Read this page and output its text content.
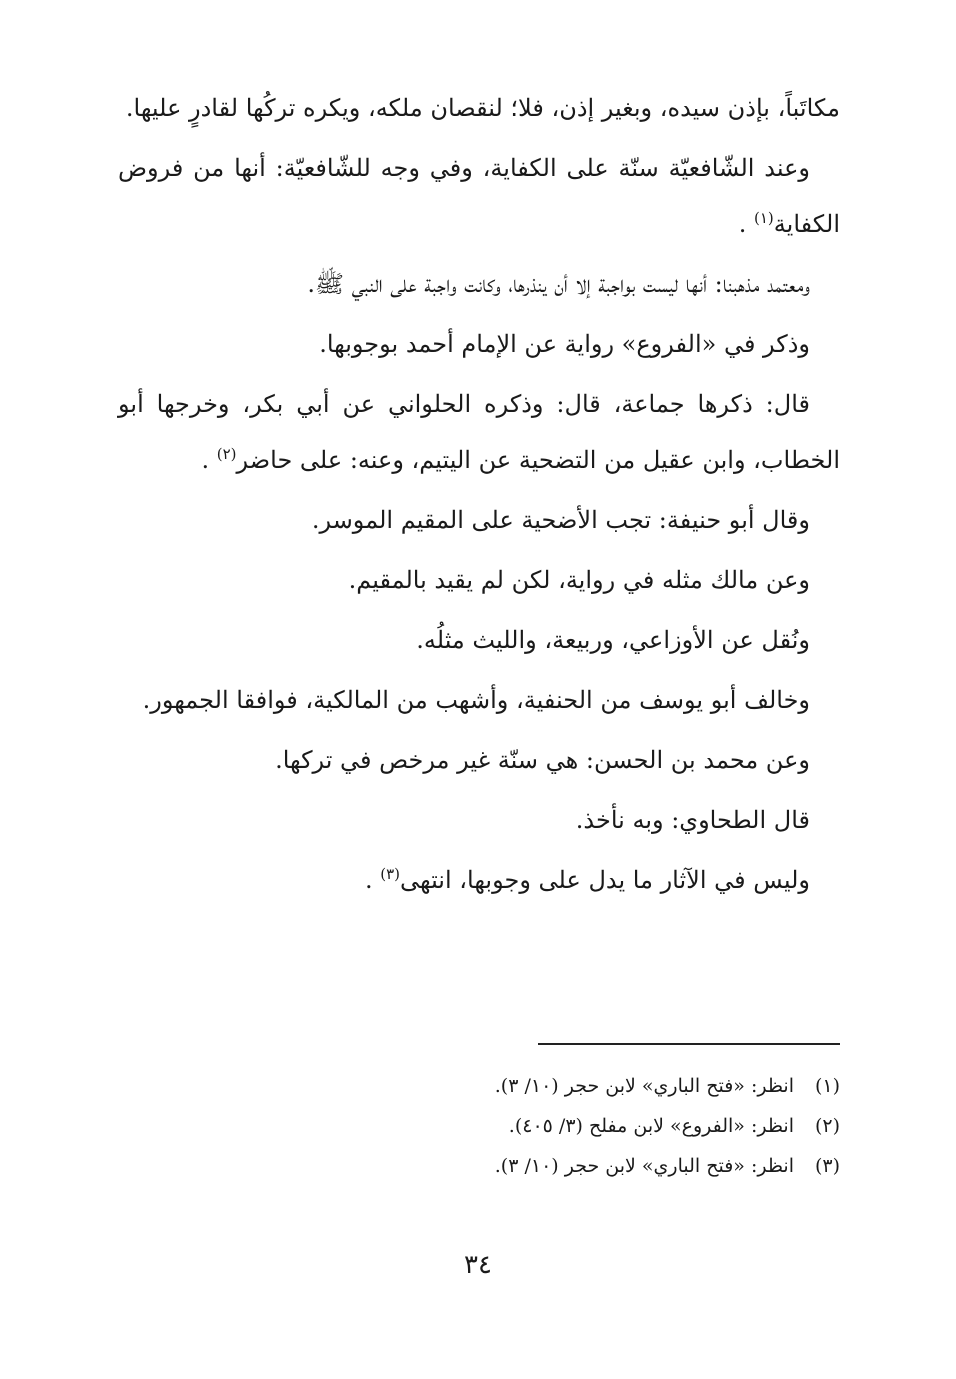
مكاتَباً، بإذن سيده، وبغير إذن، فلا؛ لنقصان ملكه، ويكره تركُها لقادرٍ عليها.

وعند الشّافعيّة سنّة على الكفاية، وفي وجه للشّافعيّة: أنها من فروض الكفاية$^{(١)}$ .

ومعتمد مذهبنا: أنها ليست بواجبة إلا أن ينذرها، وكانت واجبة على النبي ﷺ.

وذكر في «الفروع» رواية عن الإمام أحمد بوجوبها.

قال: ذكرها جماعة، قال: وذكره الحلواني عن أبي بكر، وخرجها أبو الخطاب، وابن عقيل من التضحية عن اليتيم، وعنه: على حاضر$^{(٢)}$ .

وقال أبو حنيفة: تجب الأضحية على المقيم الموسر.

وعن مالك مثله في رواية، لكن لم يقيد بالمقيم.

ونُقل عن الأوزاعي، وربيعة، والليث مثلُه.

وخالف أبو يوسف من الحنفية، وأشهب من المالكية، فوافقا الجمهور.

وعن محمد بن الحسن: هي سنّة غير مرخص في تركها.

قال الطحاوي: وبه نأخذ.

وليس في الآثار ما يدل على وجوبها، انتهى$^{(٣)}$ .

(١)
انظر: «فتح الباري» لابن حجر (١٠/ ٣).
(٢)
انظر: «الفروع» لابن مفلح (٣/ ٤٠٥).
(٣)
انظر: «فتح الباري» لابن حجر (١٠/ ٣).
٣٤
